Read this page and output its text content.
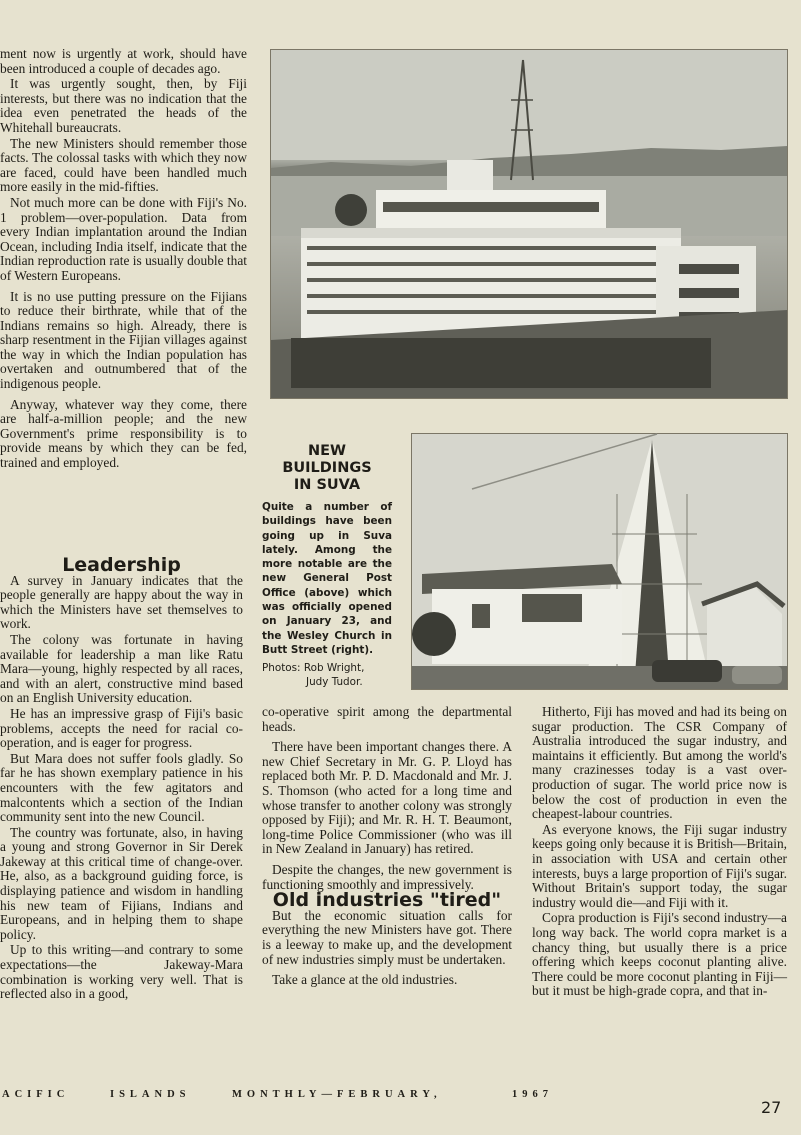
ment now is urgently at work, should have been introduced a couple of decades ago.

It was urgently sought, then, by Fiji interests, but there was no indication that the idea even penetrated the heads of the Whitehall bureaucrats.

The new Ministers should remember those facts. The colossal tasks with which they now are faced, could have been handled much more easily in the mid-fifties.

Not much more can be done with Fiji's No. 1 problem—over-population. Data from every Indian implantation around the Indian Ocean, including India itself, indicate that the Indian reproduction rate is usually double that of Western Europeans.

It is no use putting pressure on the Fijians to reduce their birthrate, while that of the Indians remains so high. Already, there is sharp resentment in the Fijian villages against the way in which the Indian population has overtaken and outnumbered that of the indigenous people.

Anyway, whatever way they come, there are half-a-million people; and the new Government's prime responsibility is to provide means by which they can be fed, trained and employed.

Leadership

A survey in January indicates that the people generally are happy about the way in which the Ministers have set themselves to work.

The colony was fortunate in having available for leadership a man like Ratu Mara—young, highly respected by all races, and with an alert, constructive mind based on an English University education.

He has an impressive grasp of Fiji's basic problems, accepts the need for racial co-operation, and is eager for progress.

But Mara does not suffer fools gladly. So far he has shown exemplary patience in his encounters with the few agitators and malcontents which a section of the Indian community sent into the new Council.

The country was fortunate, also, in having a young and strong Governor in Sir Derek Jakeway at this critical time of change-over. He, also, as a background guiding force, is displaying patience and wisdom in handling his new team of Fijians, Indians and Europeans, and in helping them to shape policy.

Up to this writing—and contrary to some expectations—the Jakeway-Mara combination is working very well. That is reflected also in a good,

NEW BUILDINGS
IN SUVA
Quite a number of buildings have been going up in Suva lately. Among the more notable are the new General Post Office (above) which was officially opened on January 23, and the Wesley Church in Butt Street (right).
Photos: Rob Wright,
Judy Tudor.

co-operative spirit among the departmental heads.

There have been important changes there. A new Chief Secretary in Mr. G. P. Lloyd has replaced both Mr. P. D. Macdonald and Mr. J. S. Thomson (who acted for a long time and whose transfer to another colony was strongly opposed by Fiji); and Mr. R. H. T. Beaumont, long-time Police Commissioner (who was ill in New Zealand in January) has retired.

Despite the changes, the new government is functioning smoothly and impressively.

Old industries "tired"

But the economic situation calls for everything the new Ministers have got. There is a leeway to make up, and the development of new industries simply must be undertaken.

Take a glance at the old industries.

Hitherto, Fiji has moved and had its being on sugar production. The CSR Company of Australia introduced the sugar industry, and maintains it efficiently. But among the world's many crazinesses today is a vast over-production of sugar. The world price now is below the cost of production in even the cheapest-labour countries.

As everyone knows, the Fiji sugar industry keeps going only because it is British—Britain, in association with USA and certain other interests, buys a large proportion of Fiji's sugar. Without Britain's support today, the sugar industry would die—and Fiji with it.

Copra production is Fiji's second industry—a long way back. The world copra market is a chancy thing, but usually there is a price offering which keeps coconut planting alive. There could be more coconut planting in Fiji—but it must be high-grade copra, and that in-

ACIFIC	ISLANDS	MONTHLY—FEBRUARY,	1967
27
